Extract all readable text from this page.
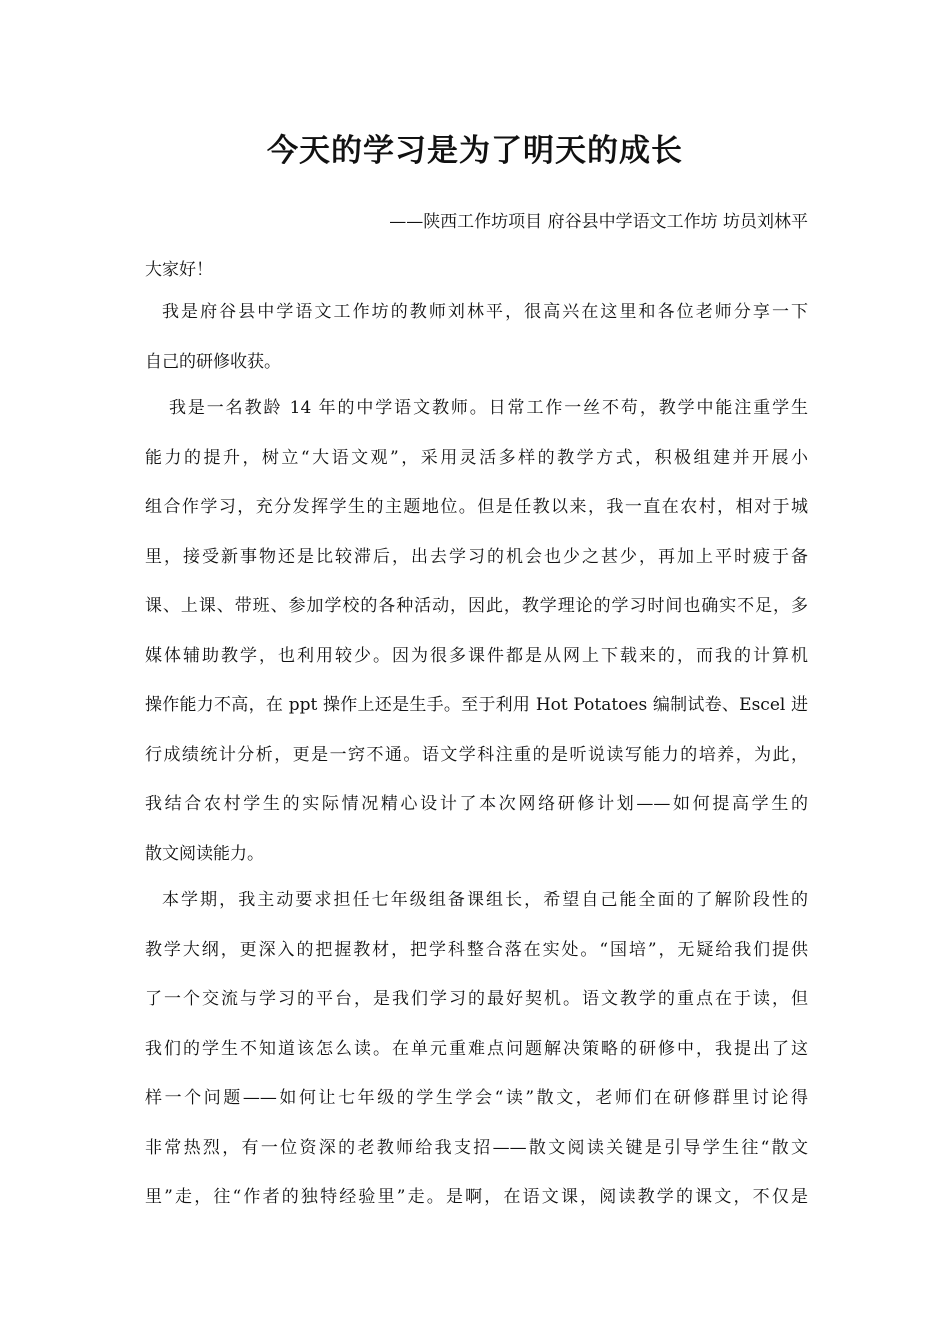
今天的学习是为了明天的成长
——陕西工作坊项目 府谷县中学语文工作坊 坊员刘林平
大家好！
我是府谷县中学语文工作坊的教师刘林平，很高兴在这里和各位老师分享一下
自己的研修收获。
我是一名教龄 14 年的中学语文教师。日常工作一丝不苟，教学中能注重学生
能力的提升，树立“大语文观”，采用灵活多样的教学方式，积极组建并开展小
组合作学习，充分发挥学生的主题地位。但是任教以来，我一直在农村，相对于城
里，接受新事物还是比较滞后，出去学习的机会也少之甚少，再加上平时疲于备
课、上课、带班、参加学校的各种活动，因此，教学理论的学习时间也确实不足，多
媒体辅助教学，也利用较少。因为很多课件都是从网上下载来的，而我的计算机
操作能力不高，在 ppt 操作上还是生手。至于利用 Hot Potatoes 编制试卷、Escel 进
行成绩统计分析，更是一窍不通。语文学科注重的是听说读写能力的培养，为此，
我结合农村学生的实际情况精心设计了本次网络研修计划——如何提高学生的
散文阅读能力。
本学期，我主动要求担任七年级组备课组长，希望自己能全面的了解阶段性的
教学大纲，更深入的把握教材，把学科整合落在实处。“国培”，无疑给我们提供
了一个交流与学习的平台，是我们学习的最好契机。语文教学的重点在于读，但
我们的学生不知道该怎么读。在单元重难点问题解决策略的研修中，我提出了这
样一个问题——如何让七年级的学生学会“读”散文，老师们在研修群里讨论得
非常热烈，有一位资深的老教师给我支招——散文阅读关键是引导学生往“散文
里”走，往“作者的独特经验里”走。是啊，在语文课，阅读教学的课文，不仅是
